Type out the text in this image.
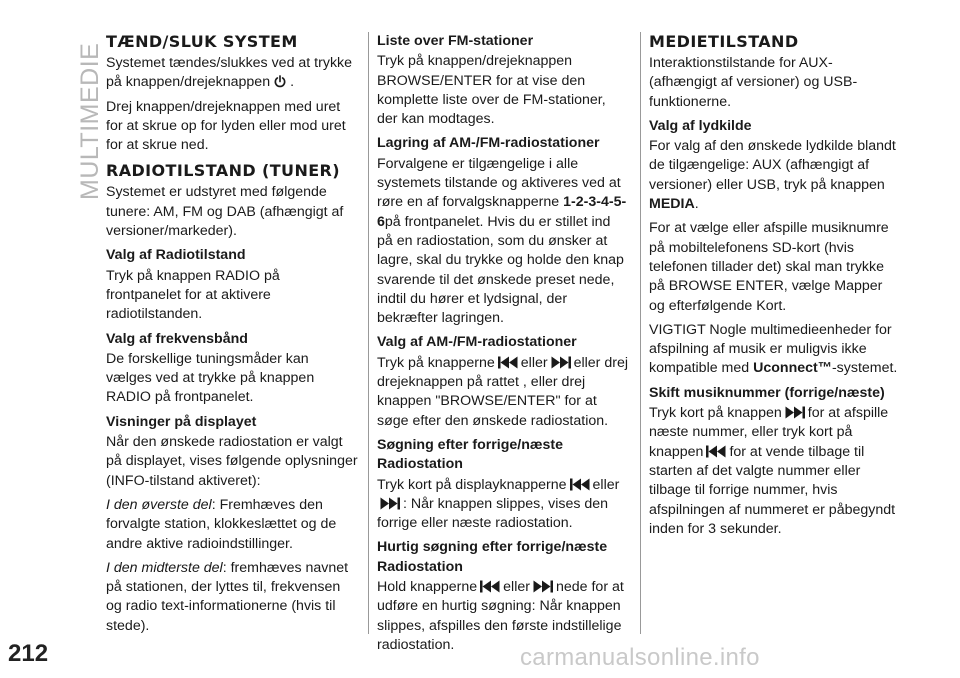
MULTIMEDIE
212	carmanualsonline.info
TÆND/SLUK SYSTEM

Systemet tændes/slukkes ved at trykke på knappen/drejeknappen .

Drej knappen/drejeknappen med uret for at skrue op for lyden eller mod uret for at skrue ned.

RADIOTILSTAND (TUNER)

Systemet er udstyret med følgende tunere: AM, FM og DAB (afhængigt af versioner/markeder).

Valg af Radiotilstand

Tryk på knappen RADIO på frontpanelet for at aktivere radiotilstanden.

Valg af frekvensbånd

De forskellige tuningsmåder kan vælges ved at trykke på knappen RADIO på frontpanelet.

Visninger på displayet

Når den ønskede radiostation er valgt på displayet, vises følgende oplysninger (INFO-tilstand aktiveret):

I den øverste del: Fremhæves den forvalgte station, klokkeslættet og de andre aktive radioindstillinger.

I den midterste del: fremhæves navnet på stationen, der lyttes til, frekvensen og radio text-informationerne (hvis til stede).

Liste over FM-stationer

Tryk på knappen/drejeknappen BROWSE/ENTER for at vise den komplette liste over de FM-stationer, der kan modtages.

Lagring af AM-/FM-radiostationer

Forvalgene er tilgængelige i alle systemets tilstande og aktiveres ved at røre en af forvalgsknapperne 1-2-3-4-5-6på frontpanelet. Hvis du er stillet ind på en radiostation, som du ønsker at lagre, skal du trykke og holde den knap svarende til det ønskede preset nede, indtil du hører et lydsignal, der bekræfter lagringen.

Valg af AM-/FM-radiostationer

Tryk på knapperne eller eller drej drejeknappen på rattet , eller drej knappen "BROWSE/ENTER" for at søge efter den ønskede radiostation.

Søgning efter forrige/næste Radiostation

Tryk kort på displayknapperne eller : Når knappen slippes, vises den forrige eller næste radiostation.

Hurtig søgning efter forrige/næste Radiostation

Hold knapperne eller nede for at udføre en hurtig søgning: Når knappen slippes, afspilles den første indstillelige radiostation.

MEDIETILSTAND

Interaktionstilstande for AUX- (afhængigt af versioner) og USB-funktionerne.

Valg af lydkilde

For valg af den ønskede lydkilde blandt de tilgængelige: AUX (afhængigt af versioner) eller USB, tryk på knappen MEDIA.

For at vælge eller afspille musiknumre på mobiltelefonens SD-kort (hvis telefonen tillader det) skal man trykke på BROWSE ENTER, vælge Mapper og efterfølgende Kort.

VIGTIGT Nogle multimedieenheder for afspilning af musik er muligvis ikke kompatible med Uconnect™-systemet.

Skift musiknummer (forrige/næste)

Tryk kort på knappen for at afspille næste nummer, eller tryk kort på knappen for at vende tilbage til starten af det valgte nummer eller tilbage til forrige nummer, hvis afspilningen af nummeret er påbegyndt inden for 3 sekunder.
